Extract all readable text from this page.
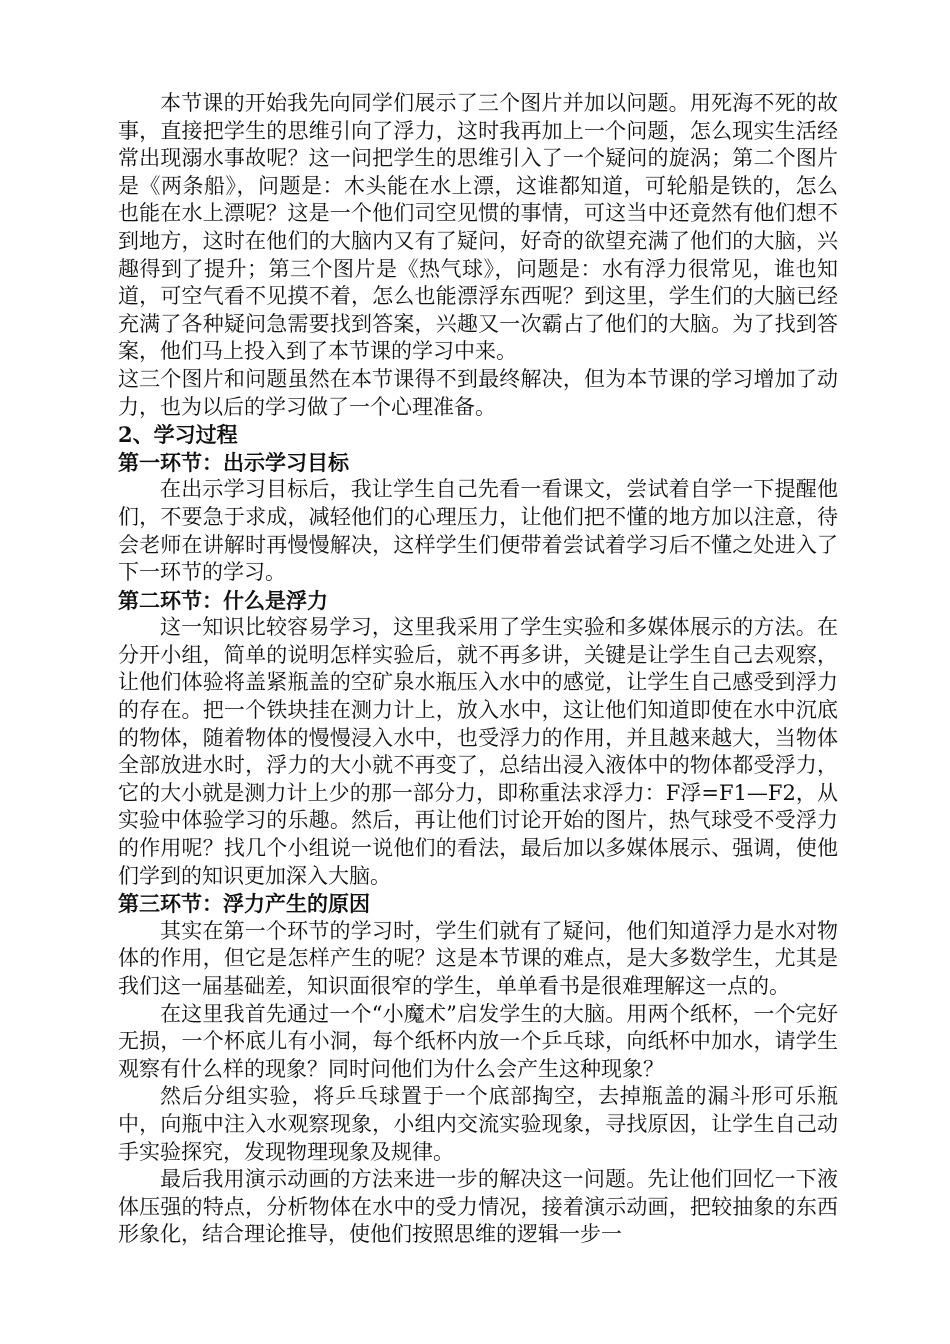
本节课的开始我先向同学们展示了三个图片并加以问题。用死海不死的故事，直接把学生的思维引向了浮力，这时我再加上一个问题，怎么现实生活经常出现溺水事故呢？这一问把学生的思维引入了一个疑问的旋涡；第二个图片是《两条船》，问题是：木头能在水上漂，这谁都知道，可轮船是铁的，怎么也能在水上漂呢？这是一个他们司空见惯的事情，可这当中还竟然有他们想不到地方，这时在他们的大脑内又有了疑问，好奇的欲望充满了他们的大脑，兴趣得到了提升；第三个图片是《热气球》，问题是：水有浮力很常见，谁也知道，可空气看不见摸不着，怎么也能漂浮东西呢？到这里，学生们的大脑已经充满了各种疑问急需要找到答案，兴趣又一次霸占了他们的大脑。为了找到答案，他们马上投入到了本节课的学习中来。

这三个图片和问题虽然在本节课得不到最终解决，但为本节课的学习增加了动力，也为以后的学习做了一个心理准备。

2、学习过程

第一环节：出示学习目标

在出示学习目标后，我让学生自己先看一看课文，尝试着自学一下提醒他们，不要急于求成，减轻他们的心理压力，让他们把不懂的地方加以注意，待会老师在讲解时再慢慢解决，这样学生们便带着尝试着学习后不懂之处进入了下一环节的学习。

第二环节：什么是浮力

这一知识比较容易学习，这里我采用了学生实验和多媒体展示的方法。在分开小组，简单的说明怎样实验后，就不再多讲，关键是让学生自己去观察，让他们体验将盖紧瓶盖的空矿泉水瓶压入水中的感觉，让学生自己感受到浮力的存在。把一个铁块挂在测力计上，放入水中，这让他们知道即使在水中沉底的物体，随着物体的慢慢浸入水中，也受浮力的作用，并且越来越大，当物体全部放进水时，浮力的大小就不再变了，总结出浸入液体中的物体都受浮力，它的大小就是测力计上少的那一部分力，即称重法求浮力：F浮=F1—F2，从实验中体验学习的乐趣。然后，再让他们讨论开始的图片，热气球受不受浮力的作用呢？找几个小组说一说他们的看法，最后加以多媒体展示、强调，使他们学到的知识更加深入大脑。

第三环节：浮力产生的原因

其实在第一个环节的学习时，学生们就有了疑问，他们知道浮力是水对物体的作用，但它是怎样产生的呢？这是本节课的难点，是大多数学生，尤其是我们这一届基础差，知识面很窄的学生，单单看书是很难理解这一点的。

在这里我首先通过一个“小魔术”启发学生的大脑。用两个纸杯，一个完好无损，一个杯底儿有小洞，每个纸杯内放一个乒乓球，向纸杯中加水，请学生观察有什么样的现象？同时问他们为什么会产生这种现象？

然后分组实验，将乒乓球置于一个底部掏空，去掉瓶盖的漏斗形可乐瓶中，向瓶中注入水观察现象，小组内交流实验现象，寻找原因，让学生自己动手实验探究，发现物理现象及规律。

最后我用演示动画的方法来进一步的解决这一问题。先让他们回忆一下液体压强的特点，分析物体在水中的受力情况，接着演示动画，把较抽象的东西形象化，结合理论推导，使他们按照思维的逻辑一步一
